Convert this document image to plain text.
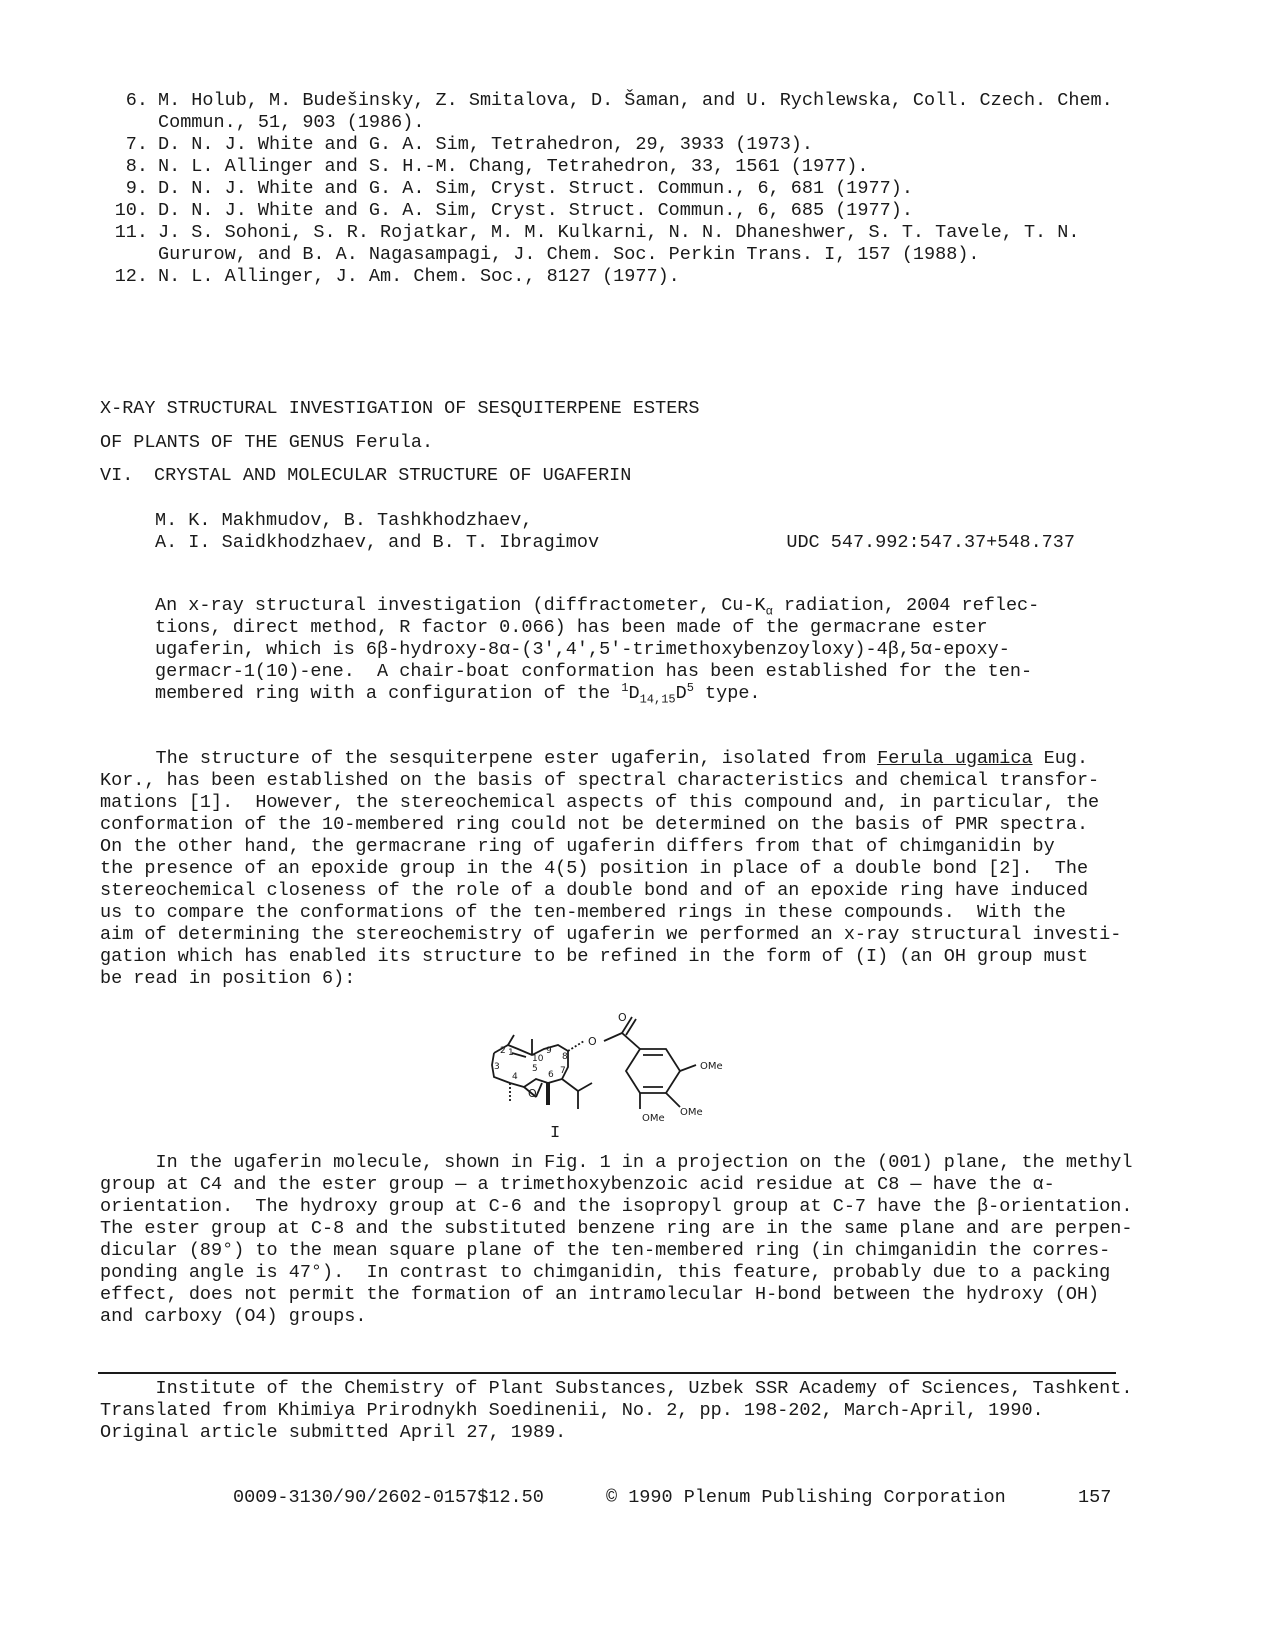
6. M. Holub, M. Budešinsky, Z. Smitalova, D. Šaman, and U. Rychlewska, Coll. Czech. Chem.
Commun., 51, 903 (1986).
7. D. N. J. White and G. A. Sim, Tetrahedron, 29, 3933 (1973).
8. N. L. Allinger and S. H.-M. Chang, Tetrahedron, 33, 1561 (1977).
9. D. N. J. White and G. A. Sim, Cryst. Struct. Commun., 6, 681 (1977).
10. D. N. J. White and G. A. Sim, Cryst. Struct. Commun., 6, 685 (1977).
11. J. S. Sohoni, S. R. Rojatkar, M. M. Kulkarni, N. N. Dhaneshwer, S. T. Tavele, T. N.
Gururow, and B. A. Nagasampagi, J. Chem. Soc. Perkin Trans. I, 157 (1988).
12. N. L. Allinger, J. Am. Chem. Soc., 8127 (1977).
X-RAY STRUCTURAL INVESTIGATION OF SESQUITERPENE ESTERS
OF PLANTS OF THE GENUS Ferula.
VI. CRYSTAL AND MOLECULAR STRUCTURE OF UGAFERIN
M. K. Makhmudov, B. Tashkhodzhaev,
A. I. Saidkhodzhaev, and B. T. Ibragimov	UDC 547.992:547.37+548.737
An x-ray structural investigation (diffractometer, $Cu-K_\alpha$ radiation, 2004 reflec-
tions, direct method, R factor 0.066) has been made of the germacrane ester
ugaferin, which is 6β-hydroxy-8α-(3',4',5'-trimethoxybenzoyloxy)-4β,5α-epoxy-
germacr-1(10)-ene.  A chair-boat conformation has been established for the ten-
membered ring with a configuration of the $^1D_{14,15}D^5$ type.
The structure of the sesquiterpene ester ugaferin, isolated from Ferula ugamica Eug.
Kor., has been established on the basis of spectral characteristics and chemical transfor-
mations [1].  However, the stereochemical aspects of this compound and, in particular, the
conformation of the 10-membered ring could not be determined on the basis of PMR spectra.
On the other hand, the germacrane ring of ugaferin differs from that of chimganidin by
the presence of an epoxide group in the 4(5) position in place of a double bond [2].  The
stereochemical closeness of the role of a double bond and of an epoxide ring have induced
us to compare the conformations of the ten-membered rings in these compounds.  With the
aim of determining the stereochemistry of ugaferin we performed an x-ray structural investi-
gation which has enabled its structure to be refined in the form of (I) (an OH group must
be read in position 6):
O
O
O
OMe
OMe
OMe
2 1
3
4
5
6 7
8
9
10
I
In the ugaferin molecule, shown in Fig. 1 in a projection on the (001) plane, the methyl
group at C4 and the ester group — a trimethoxybenzoic acid residue at C8 — have the α-
orientation.  The hydroxy group at C-6 and the isopropyl group at C-7 have the β-orientation.
The ester group at C-8 and the substituted benzene ring are in the same plane and are perpen-
dicular (89°) to the mean square plane of the ten-membered ring (in chimganidin the corres-
ponding angle is 47°).  In contrast to chimganidin, this feature, probably due to a packing
effect, does not permit the formation of an intramolecular H-bond between the hydroxy (OH)
and carboxy (O4) groups.
Institute of the Chemistry of Plant Substances, Uzbek SSR Academy of Sciences, Tashkent.
Translated from Khimiya Prirodnykh Soedinenii, No. 2, pp. 198-202, March-April, 1990.
Original article submitted April 27, 1989.
0009-3130/90/2602-0157$12.50	© 1990 Plenum Publishing Corporation	157
